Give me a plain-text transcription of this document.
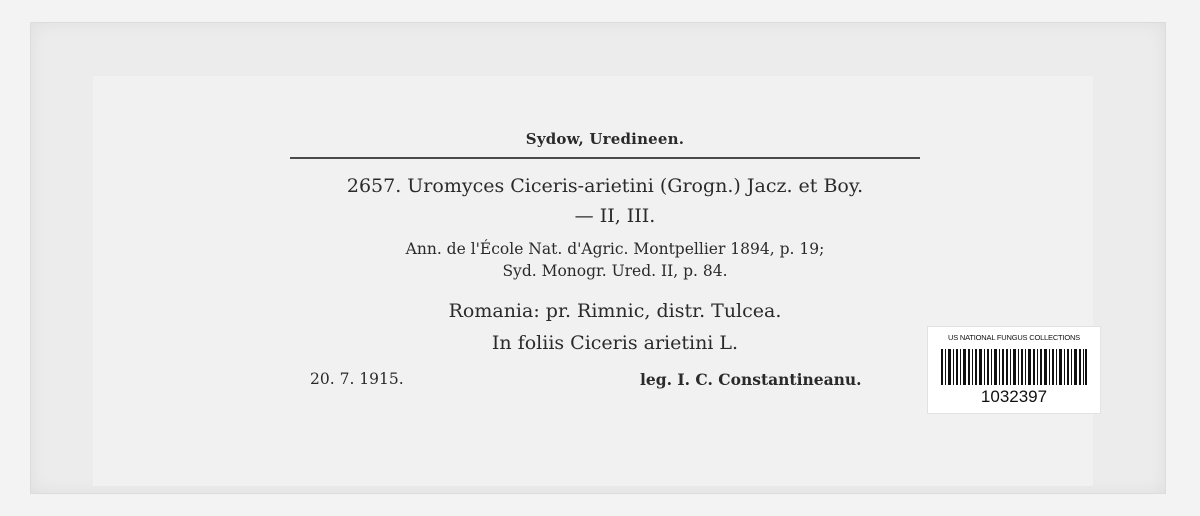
Sydow, Uredineen.
2657. Uromyces Ciceris-arietini (Grogn.) Jacz. et Boy.
— II, III.
Ann. de l'École Nat. d'Agric. Montpellier 1894, p. 19;
Syd. Monogr. Ured. II, p. 84.
Romania: pr. Rimnic, distr. Tulcea.
In foliis Ciceris arietini L.
20. 7. 1915.	leg. I. C. Constantineanu.
US NATIONAL FUNGUS COLLECTIONS
1032397
